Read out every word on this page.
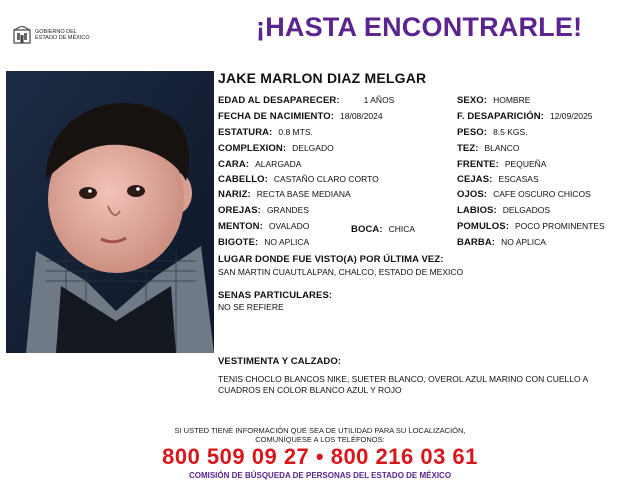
GOBIERNO DEL
ESTADO DE MÉXICO	¡HASTA ENCONTRARLE!
JAKE MARLON DIAZ MELGAR
EDAD AL DESAPARECER:	1 AÑOS
FECHA DE NACIMIENTO: 18/08/2024
ESTATURA: 0.8 MTS.
COMPLEXION: DELGADO
CARA: ALARGADA
CABELLO: CASTAÑO CLARO CORTO
NARIZ: RECTA BASE MEDIANA
OREJAS: GRANDES
MENTON: OVALADO	BOCA: CHICA
BIGOTE: NO APLICA
SEXO: HOMBRE
F. DESAPARICIÓN: 12/09/2025
PESO: 8.5 KGS.
TEZ: BLANCO
FRENTE: PEQUEÑA
CEJAS: ESCASAS
OJOS: CAFE OSCURO CHICOS
LABIOS: DELGADOS
POMULOS: POCO PROMINENTES
BARBA: NO APLICA
LUGAR DONDE FUE VISTO(A) POR ÚLTIMA VEZ:
SAN MARTIN CUAUTLALPAN, CHALCO, ESTADO DE MEXICO
SENAS PARTICULARES:
NO SE REFIERE
VESTIMENTA Y CALZADO:
TENIS CHOCLO BLANCOS NIKE, SUETER BLANCO, OVEROL AZUL MARINO CON CUELLO A CUADROS EN COLOR BLANCO AZUL Y ROJO
SI USTED TIENE INFORMACIÓN QUE SEA DE UTILIDAD PARA SU LOCALIZACIÓN,
COMUNÍQUESE A LOS TELÉFONOS:
800 509 09 27 • 800 216 03 61
COMISIÓN DE BÚSQUEDA DE PERSONAS DEL ESTADO DE MÉXICO
